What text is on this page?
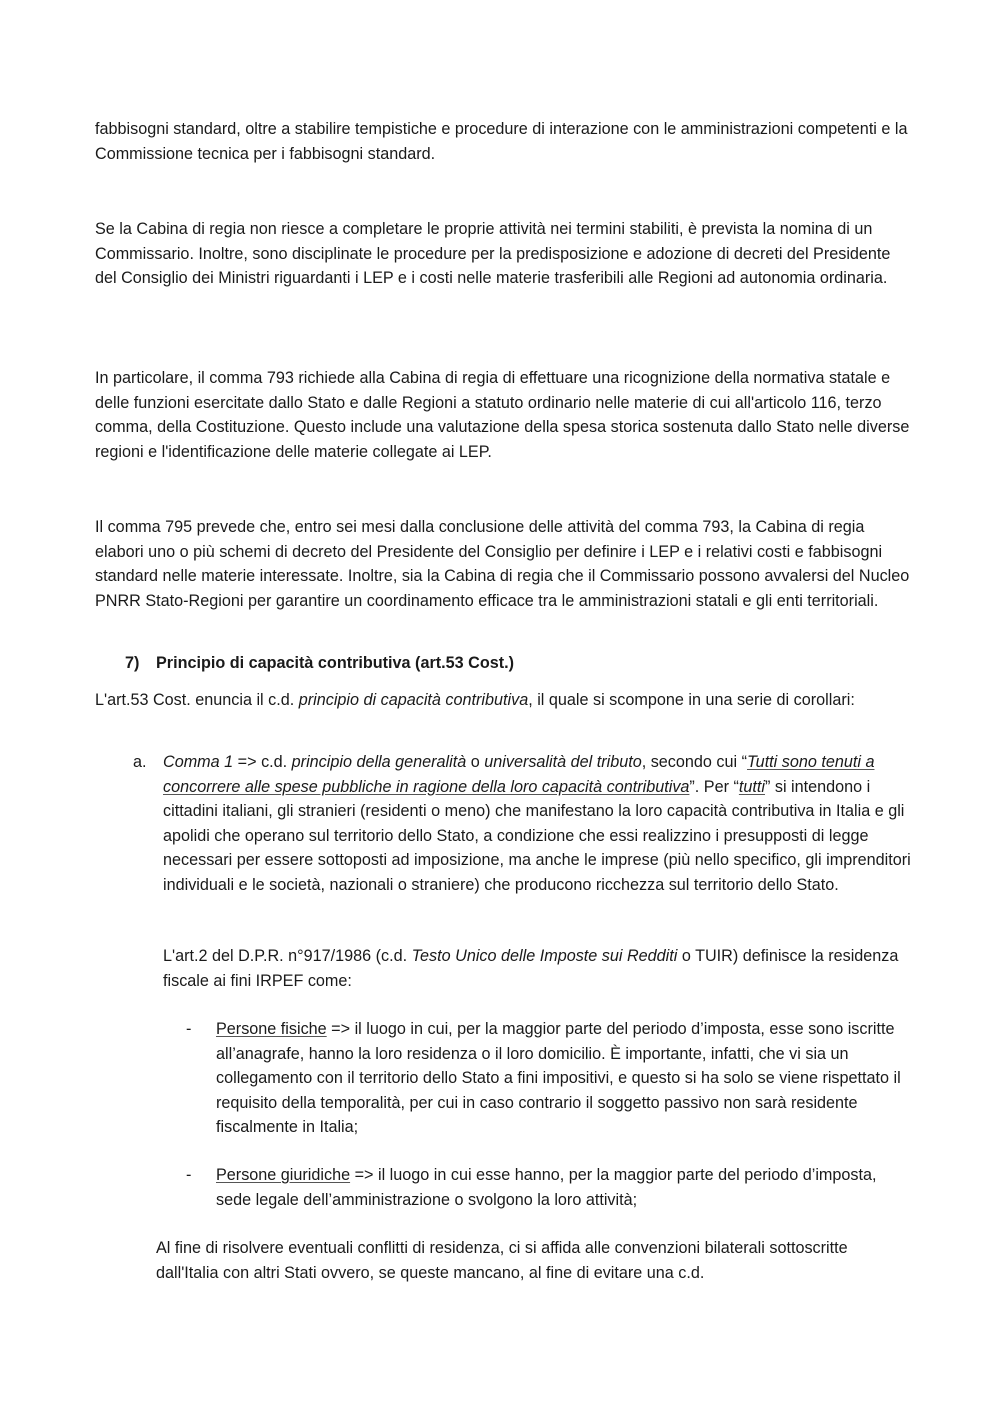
fabbisogni standard, oltre a stabilire tempistiche e procedure di interazione con le amministrazioni competenti e la Commissione tecnica per i fabbisogni standard.

Se la Cabina di regia non riesce a completare le proprie attività nei termini stabiliti, è prevista la nomina di un Commissario. Inoltre, sono disciplinate le procedure per la predisposizione e adozione di decreti del Presidente del Consiglio dei Ministri riguardanti i LEP e i costi nelle materie trasferibili alle Regioni ad autonomia ordinaria.

In particolare, il comma 793 richiede alla Cabina di regia di effettuare una ricognizione della normativa statale e delle funzioni esercitate dallo Stato e dalle Regioni a statuto ordinario nelle materie di cui all'articolo 116, terzo comma, della Costituzione. Questo include una valutazione della spesa storica sostenuta dallo Stato nelle diverse regioni e l'identificazione delle materie collegate ai LEP.

Il comma 795 prevede che, entro sei mesi dalla conclusione delle attività del comma 793, la Cabina di regia elabori uno o più schemi di decreto del Presidente del Consiglio per definire i LEP e i relativi costi e fabbisogni standard nelle materie interessate. Inoltre, sia la Cabina di regia che il Commissario possono avvalersi del Nucleo PNRR Stato-Regioni per garantire un coordinamento efficace tra le amministrazioni statali e gli enti territoriali.

7) Principio di capacità contributiva (art.53 Cost.)

L'art.53 Cost. enuncia il c.d. principio di capacità contributiva, il quale si scompone in una serie di corollari:

a. Comma 1 => c.d. principio della generalità o universalità del tributo, secondo cui “Tutti sono tenuti a concorrere alle spese pubbliche in ragione della loro capacità contributiva”. Per “tutti” si intendono i cittadini italiani, gli stranieri (residenti o meno) che manifestano la loro capacità contributiva in Italia e gli apolidi che operano sul territorio dello Stato, a condizione che essi realizzino i presupposti di legge necessari per essere sottoposti ad imposizione, ma anche le imprese (più nello specifico, gli imprenditori individuali e le società, nazionali o straniere) che producono ricchezza sul territorio dello Stato.

L'art.2 del D.P.R. n°917/1986 (c.d. Testo Unico delle Imposte sui Redditi o TUIR) definisce la residenza fiscale ai fini IRPEF come:

- Persone fisiche => il luogo in cui, per la maggior parte del periodo d’imposta, esse sono iscritte all’anagrafe, hanno la loro residenza o il loro domicilio. È importante, infatti, che vi sia un collegamento con il territorio dello Stato a fini impositivi, e questo si ha solo se viene rispettato il requisito della temporalità, per cui in caso contrario il soggetto passivo non sarà residente fiscalmente in Italia;

- Persone giuridiche => il luogo in cui esse hanno, per la maggior parte del periodo d’imposta, sede legale dell’amministrazione o svolgono la loro attività;

Al fine di risolvere eventuali conflitti di residenza, ci si affida alle convenzioni bilaterali sottoscritte dall'Italia con altri Stati ovvero, se queste mancano, al fine di evitare una c.d.
